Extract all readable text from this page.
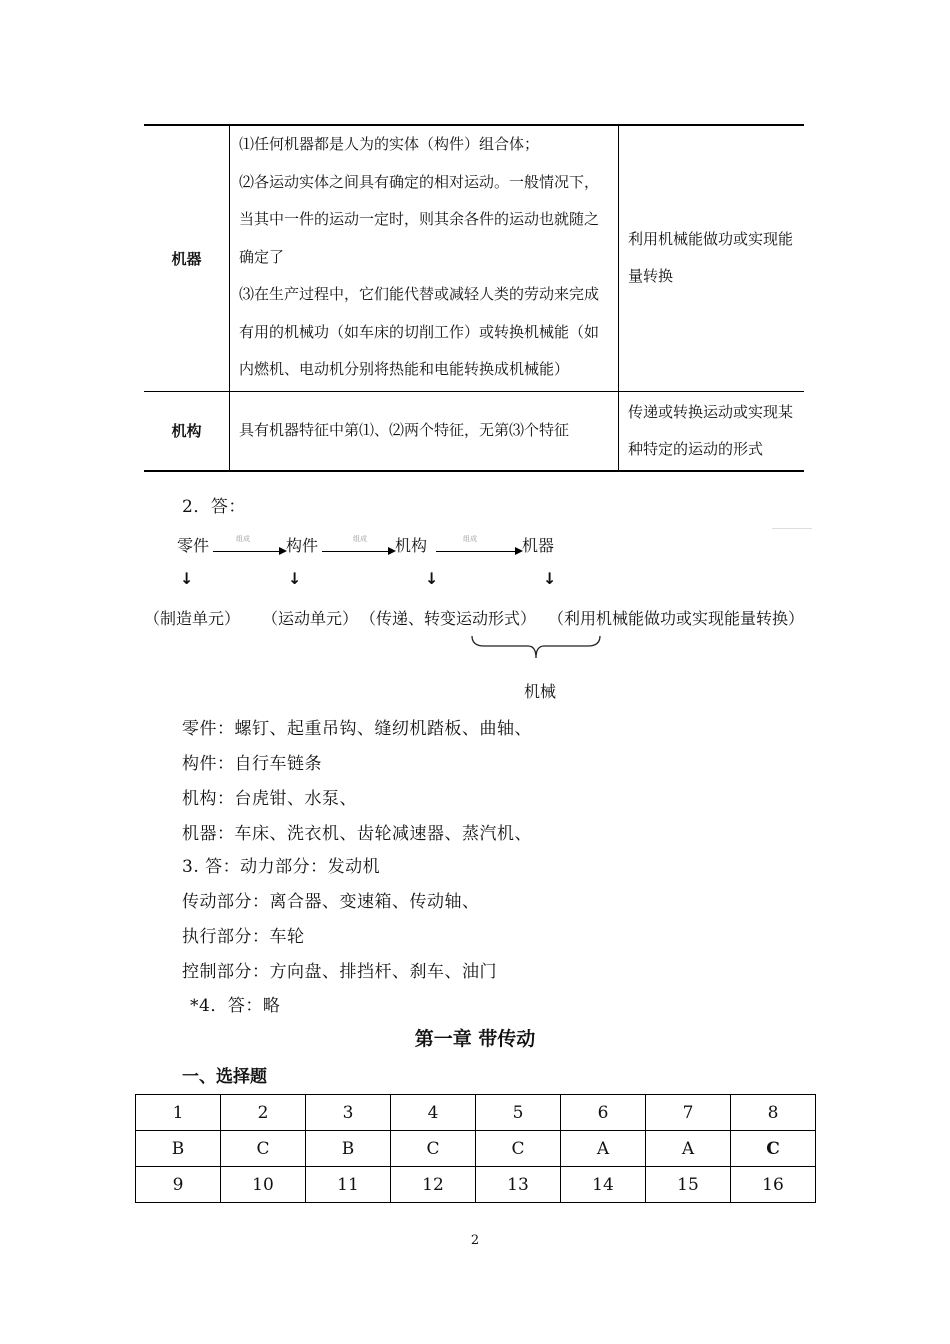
机器	⑴任何机器都是人为的实体（构件）组合体；

⑵各运动实体之间具有确定的相对运动。一般情况下，当其中一件的运动一定时，则其余各件的运动也就随之确定了

⑶在生产过程中，它们能代替或减轻人类的劳动来完成有用的机械功（如车床的切削工作）或转换机械能（如内燃机、电动机分别将热能和电能转换成机械能）	利用机械能做功或实现能量转换
机构	具有机器特征中第⑴、⑵两个特征，无第⑶个特征	传递或转换运动或实现某种特定的运动的形式
2．答：
零件	构件	机构	机器
组成	组成	组成
↓	↓	↓	↓
（制造单元） （运动单元） （传递、转变运动形式） （利用机械能做功或实现能量转换）
机械
零件：螺钉、起重吊钩、缝纫机踏板、曲轴、
构件：自行车链条
机构：台虎钳、水泵、
机器：车床、洗衣机、齿轮减速器、蒸汽机、
3. 答：动力部分：发动机
传动部分：离合器、变速箱、传动轴、
执行部分：车轮
控制部分：方向盘、排挡杆、刹车、油门
*4．答：略
第一章 带传动
一、选择题
1	2	3	4	5	6	7	8
B	C	B	C	C	A	A	C
9	10	11	12	13	14	15	16
2
